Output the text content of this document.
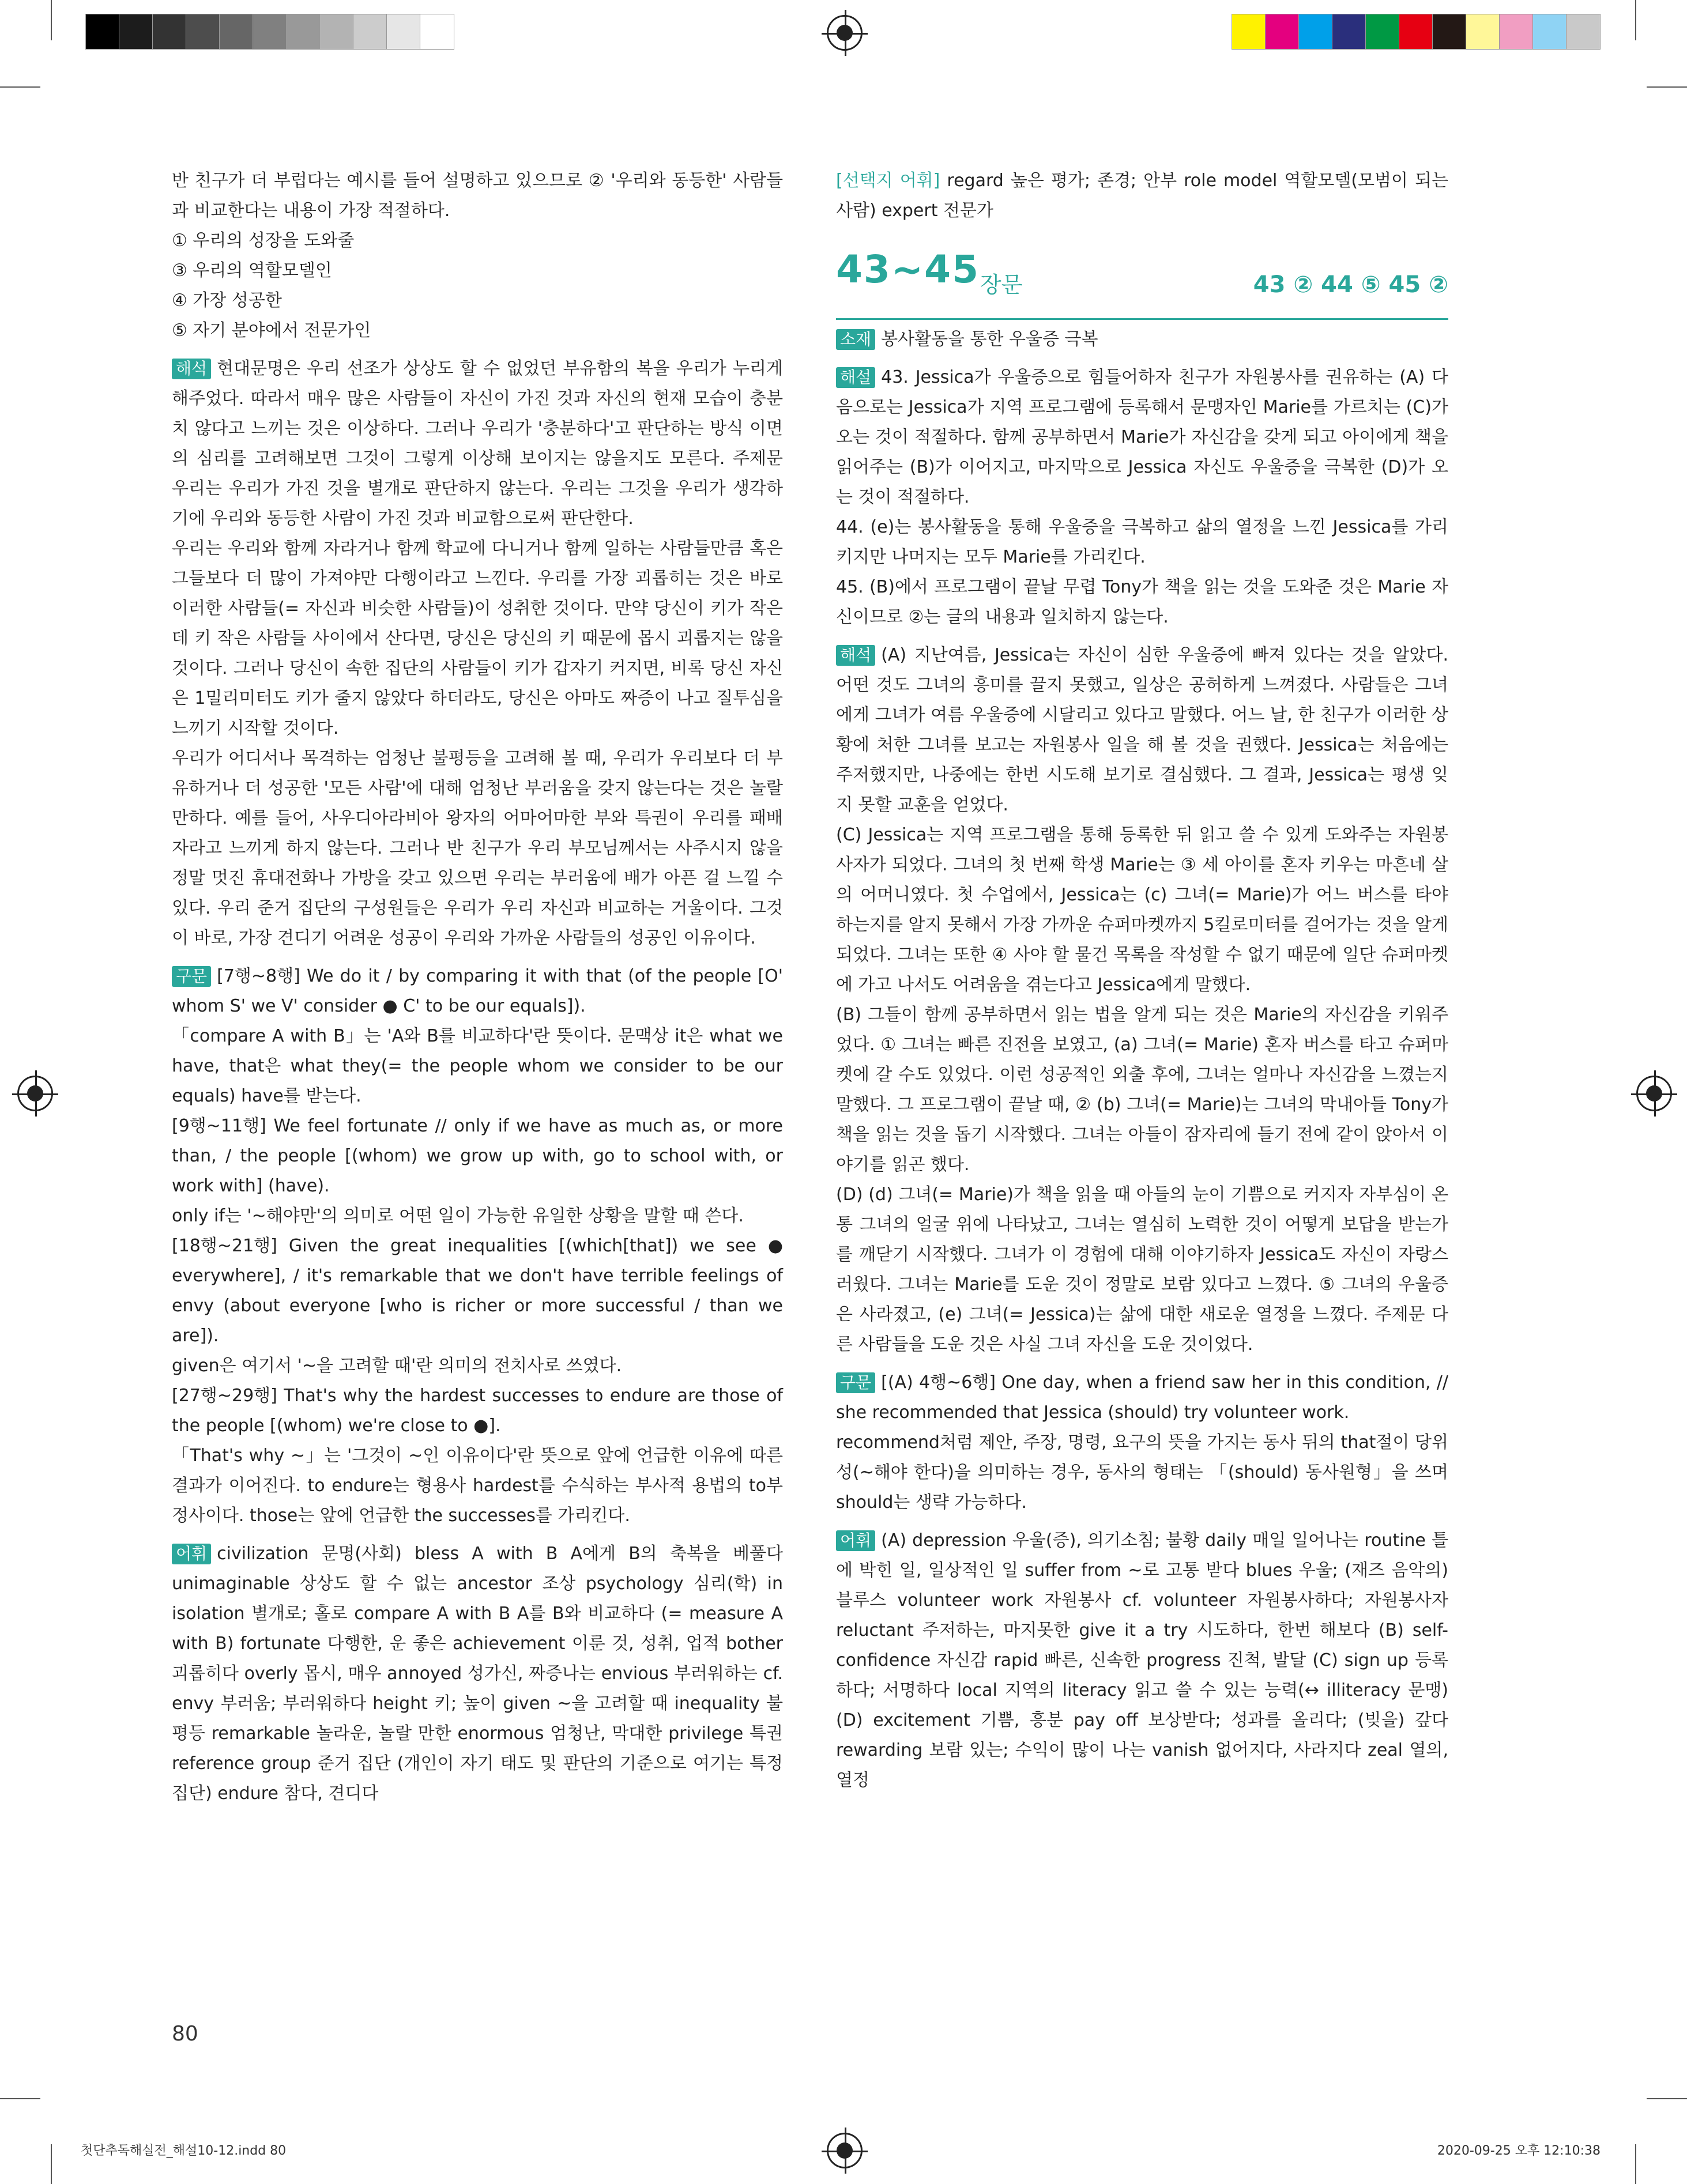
반 친구가 더 부럽다는 예시를 들어 설명하고 있으므로 ② '우리와 동등한' 사람들과 비교한다는 내용이 가장 적절하다.

① 우리의 성장을 도와줄

③ 우리의 역할모델인

④ 가장 성공한

⑤ 자기 분야에서 전문가인

해석 현대문명은 우리 선조가 상상도 할 수 없었던 부유함의 복을 우리가 누리게 해주었다. 따라서 매우 많은 사람들이 자신이 가진 것과 자신의 현재 모습이 충분치 않다고 느끼는 것은 이상하다. 그러나 우리가 '충분하다'고 판단하는 방식 이면의 심리를 고려해보면 그것이 그렇게 이상해 보이지는 않을지도 모른다. 주제문 우리는 우리가 가진 것을 별개로 판단하지 않는다. 우리는 그것을 우리가 생각하기에 우리와 동등한 사람이 가진 것과 비교함으로써 판단한다.

우리는 우리와 함께 자라거나 함께 학교에 다니거나 함께 일하는 사람들만큼 혹은 그들보다 더 많이 가져야만 다행이라고 느낀다. 우리를 가장 괴롭히는 것은 바로 이러한 사람들(= 자신과 비슷한 사람들)이 성취한 것이다. 만약 당신이 키가 작은데 키 작은 사람들 사이에서 산다면, 당신은 당신의 키 때문에 몹시 괴롭지는 않을 것이다. 그러나 당신이 속한 집단의 사람들이 키가 갑자기 커지면, 비록 당신 자신은 1밀리미터도 키가 줄지 않았다 하더라도, 당신은 아마도 짜증이 나고 질투심을 느끼기 시작할 것이다.

우리가 어디서나 목격하는 엄청난 불평등을 고려해 볼 때, 우리가 우리보다 더 부유하거나 더 성공한 '모든 사람'에 대해 엄청난 부러움을 갖지 않는다는 것은 놀랄 만하다. 예를 들어, 사우디아라비아 왕자의 어마어마한 부와 특권이 우리를 패배자라고 느끼게 하지 않는다. 그러나 반 친구가 우리 부모님께서는 사주시지 않을 정말 멋진 휴대전화나 가방을 갖고 있으면 우리는 부러움에 배가 아픈 걸 느낄 수 있다. 우리 준거 집단의 구성원들은 우리가 우리 자신과 비교하는 거울이다. 그것이 바로, 가장 견디기 어려운 성공이 우리와 가까운 사람들의 성공인 이유이다.

구문 [7행~8행] We do it / by comparing it with that (of the people [O' whom S' we V' consider ● C' to be our equals]).

「compare A with B」는 'A와 B를 비교하다'란 뜻이다. 문맥상 it은 what we have, that은 what they(= the people whom we consider to be our equals) have를 받는다.

[9행~11행] We feel fortunate // only if we have as much as, or more than, / the people [(whom) we grow up with, go to school with, or work with] (have).

only if는 '~해야만'의 의미로 어떤 일이 가능한 유일한 상황을 말할 때 쓴다.

[18행~21행] Given the great inequalities [(which[that]) we see ● everywhere], / it's remarkable that we don't have terrible feelings of envy (about everyone [who is richer or more successful / than we are]).

given은 여기서 '~을 고려할 때'란 의미의 전치사로 쓰였다.

[27행~29행] That's why the hardest successes to endure are those of the people [(whom) we're close to ●].

「That's why ~」는 '그것이 ~인 이유이다'란 뜻으로 앞에 언급한 이유에 따른 결과가 이어진다. to endure는 형용사 hardest를 수식하는 부사적 용법의 to부정사이다. those는 앞에 언급한 the successes를 가리킨다.

어휘 civilization 문명(사회) bless A with B A에게 B의 축복을 베풀다 unimaginable 상상도 할 수 없는 ancestor 조상 psychology 심리(학) in isolation 별개로; 홀로 compare A with B A를 B와 비교하다 (= measure A with B) fortunate 다행한, 운 좋은 achievement 이룬 것, 성취, 업적 bother 괴롭히다 overly 몹시, 매우 annoyed 성가신, 짜증나는 envious 부러워하는 cf. envy 부러움; 부러워하다 height 키; 높이 given ~을 고려할 때 inequality 불평등 remarkable 놀라운, 놀랄 만한 enormous 엄청난, 막대한 privilege 특권 reference group 준거 집단 (개인이 자기 태도 및 판단의 기준으로 여기는 특정 집단) endure 참다, 견디다

[선택지 어휘] regard 높은 평가; 존경; 안부 role model 역할모델(모범이 되는 사람) expert 전문가

43~45 장문	43 ② 44 ⑤ 45 ②

소재 봉사활동을 통한 우울증 극복

해설 43. Jessica가 우울증으로 힘들어하자 친구가 자원봉사를 권유하는 (A) 다음으로는 Jessica가 지역 프로그램에 등록해서 문맹자인 Marie를 가르치는 (C)가 오는 것이 적절하다. 함께 공부하면서 Marie가 자신감을 갖게 되고 아이에게 책을 읽어주는 (B)가 이어지고, 마지막으로 Jessica 자신도 우울증을 극복한 (D)가 오는 것이 적절하다.

44. (e)는 봉사활동을 통해 우울증을 극복하고 삶의 열정을 느낀 Jessica를 가리키지만 나머지는 모두 Marie를 가리킨다.

45. (B)에서 프로그램이 끝날 무렵 Tony가 책을 읽는 것을 도와준 것은 Marie 자신이므로 ②는 글의 내용과 일치하지 않는다.

해석 (A) 지난여름, Jessica는 자신이 심한 우울증에 빠져 있다는 것을 알았다. 어떤 것도 그녀의 흥미를 끌지 못했고, 일상은 공허하게 느껴졌다. 사람들은 그녀에게 그녀가 여름 우울증에 시달리고 있다고 말했다. 어느 날, 한 친구가 이러한 상황에 처한 그녀를 보고는 자원봉사 일을 해 볼 것을 권했다. Jessica는 처음에는 주저했지만, 나중에는 한번 시도해 보기로 결심했다. 그 결과, Jessica는 평생 잊지 못할 교훈을 얻었다.

(C) Jessica는 지역 프로그램을 통해 등록한 뒤 읽고 쓸 수 있게 도와주는 자원봉사자가 되었다. 그녀의 첫 번째 학생 Marie는 ③ 세 아이를 혼자 키우는 마흔네 살의 어머니였다. 첫 수업에서, Jessica는 (c) 그녀(= Marie)가 어느 버스를 타야 하는지를 알지 못해서 가장 가까운 슈퍼마켓까지 5킬로미터를 걸어가는 것을 알게 되었다. 그녀는 또한 ④ 사야 할 물건 목록을 작성할 수 없기 때문에 일단 슈퍼마켓에 가고 나서도 어려움을 겪는다고 Jessica에게 말했다.

(B) 그들이 함께 공부하면서 읽는 법을 알게 되는 것은 Marie의 자신감을 키워주었다. ① 그녀는 빠른 진전을 보였고, (a) 그녀(= Marie) 혼자 버스를 타고 슈퍼마켓에 갈 수도 있었다. 이런 성공적인 외출 후에, 그녀는 얼마나 자신감을 느꼈는지 말했다. 그 프로그램이 끝날 때, ② (b) 그녀(= Marie)는 그녀의 막내아들 Tony가 책을 읽는 것을 돕기 시작했다. 그녀는 아들이 잠자리에 들기 전에 같이 앉아서 이야기를 읽곤 했다.

(D) (d) 그녀(= Marie)가 책을 읽을 때 아들의 눈이 기쁨으로 커지자 자부심이 온통 그녀의 얼굴 위에 나타났고, 그녀는 열심히 노력한 것이 어떻게 보답을 받는가를 깨닫기 시작했다. 그녀가 이 경험에 대해 이야기하자 Jessica도 자신이 자랑스러웠다. 그녀는 Marie를 도운 것이 정말로 보람 있다고 느꼈다. ⑤ 그녀의 우울증은 사라졌고, (e) 그녀(= Jessica)는 삶에 대한 새로운 열정을 느꼈다. 주제문 다른 사람들을 도운 것은 사실 그녀 자신을 도운 것이었다.

구문 [(A) 4행~6행] One day, when a friend saw her in this condition, // she recommended that Jessica (should) try volunteer work.

recommend처럼 제안, 주장, 명령, 요구의 뜻을 가지는 동사 뒤의 that절이 당위성(~해야 한다)을 의미하는 경우, 동사의 형태는 「(should) 동사원형」을 쓰며 should는 생략 가능하다.

어휘 (A) depression 우울(증), 의기소침; 불황 daily 매일 일어나는 routine 틀에 박힌 일, 일상적인 일 suffer from ~로 고통 받다 blues 우울; (재즈 음악의) 블루스 volunteer work 자원봉사 cf. volunteer 자원봉사하다; 자원봉사자 reluctant 주저하는, 마지못한 give it a try 시도하다, 한번 해보다 (B) self-confidence 자신감 rapid 빠른, 신속한 progress 진척, 발달 (C) sign up 등록하다; 서명하다 local 지역의 literacy 읽고 쓸 수 있는 능력(↔ illiteracy 문맹) (D) excitement 기쁨, 흥분 pay off 보상받다; 성과를 올리다; (빚을) 갚다 rewarding 보람 있는; 수익이 많이 나는 vanish 없어지다, 사라지다 zeal 열의, 열정

80
첫단추독해실전_해설10-12.indd 80	2020-09-25 오후 12:10:38
